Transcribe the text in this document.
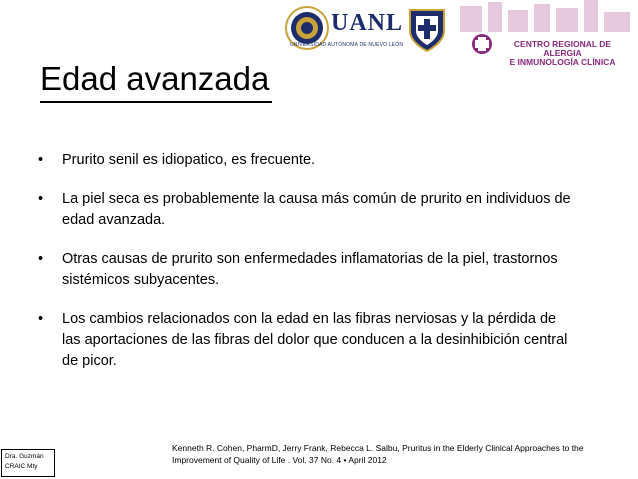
UANL
UNIVERSIDAD AUTÓNOMA DE NUEVO LEÓN	CENTRO REGIONAL DE ALERGIA
E INMUNOLOGÍA CLÍNICA
Edad avanzada
• Prurito senil es idiopatico, es frecuente.
• La piel seca es probablemente la causa más común de prurito en individuos de edad avanzada.
• Otras causas de prurito son enfermedades inflamatorias de la piel, trastornos sistémicos subyacentes.
• Los cambios relacionados con la edad en las fibras nerviosas y la pérdida de las aportaciones de las fibras del dolor que conducen a la desinhibición central de picor.
Kenneth R. Cohen, PharmD, Jerry Frank, Rebecca L. Salbu, Pruritus in the Elderly Clinical Approaches to the
Improvement of Quality of Life . Vol. 37 No. 4 • April 2012
Dra. Guzmán
CRAIC Mty
